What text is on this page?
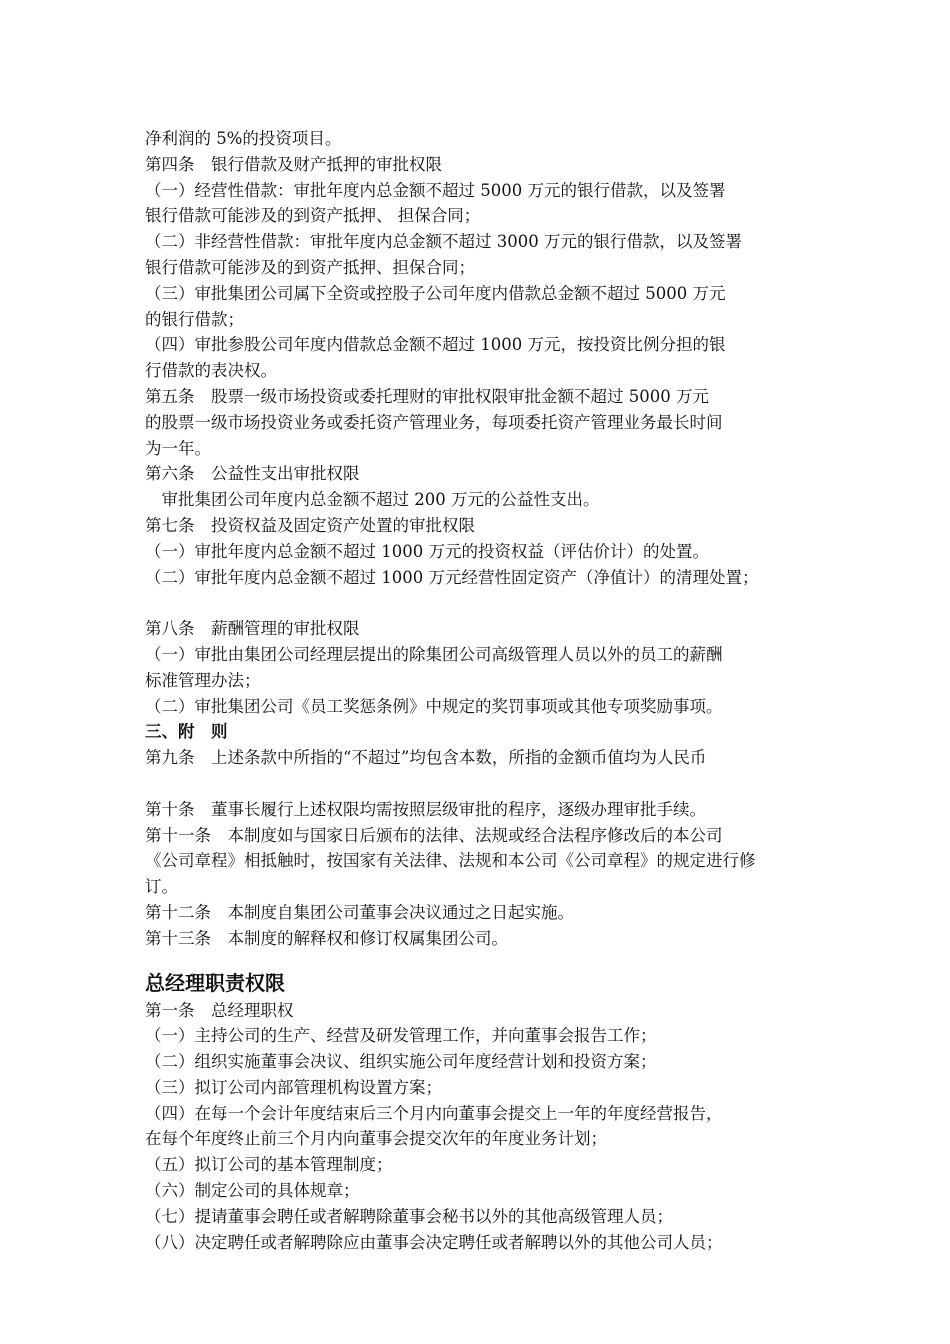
净利润的 5%的投资项目。
第四条　银行借款及财产抵押的审批权限
（一）经营性借款：审批年度内总金额不超过 5000 万元的银行借款，以及签署
银行借款可能涉及的到资产抵押、 担保合同；
（二）非经营性借款：审批年度内总金额不超过 3000 万元的银行借款，以及签署
银行借款可能涉及的到资产抵押、担保合同；
（三）审批集团公司属下全资或控股子公司年度内借款总金额不超过 5000 万元
的银行借款；
（四）审批参股公司年度内借款总金额不超过 1000 万元，按投资比例分担的银
行借款的表决权。
第五条　股票一级市场投资或委托理财的审批权限审批金额不超过 5000 万元
的股票一级市场投资业务或委托资产管理业务，每项委托资产管理业务最长时间
为一年。
第六条　公益性支出审批权限
　审批集团公司年度内总金额不超过 200 万元的公益性支出。
第七条　投资权益及固定资产处置的审批权限
（一）审批年度内总金额不超过 1000 万元的投资权益（评估价计）的处置。
（二）审批年度内总金额不超过 1000 万元经营性固定资产（净值计）的清理处置；
第八条　薪酬管理的审批权限
（一）审批由集团公司经理层提出的除集团公司高级管理人员以外的员工的薪酬
标准管理办法；
（二）审批集团公司《员工奖惩条例》中规定的奖罚事项或其他专项奖励事项。
三、附　则
第九条　上述条款中所指的“不超过”均包含本数，所指的金额币值均为人民币
第十条　董事长履行上述权限均需按照层级审批的程序，逐级办理审批手续。
第十一条　本制度如与国家日后颁布的法律、法规或经合法程序修改后的本公司
《公司章程》相抵触时，按国家有关法律、法规和本公司《公司章程》的规定进行修
订。
第十二条　本制度自集团公司董事会决议通过之日起实施。
第十三条　本制度的解释权和修订权属集团公司。
总经理职责权限
第一条　总经理职权
（一）主持公司的生产、经营及研发管理工作，并向董事会报告工作；
（二）组织实施董事会决议、组织实施公司年度经营计划和投资方案；
（三）拟订公司内部管理机构设置方案；
（四）在每一个会计年度结束后三个月内向董事会提交上一年的年度经营报告，
在每个年度终止前三个月内向董事会提交次年的年度业务计划；
（五）拟订公司的基本管理制度；
（六）制定公司的具体规章；
（七）提请董事会聘任或者解聘除董事会秘书以外的其他高级管理人员；
（八）决定聘任或者解聘除应由董事会决定聘任或者解聘以外的其他公司人员；
